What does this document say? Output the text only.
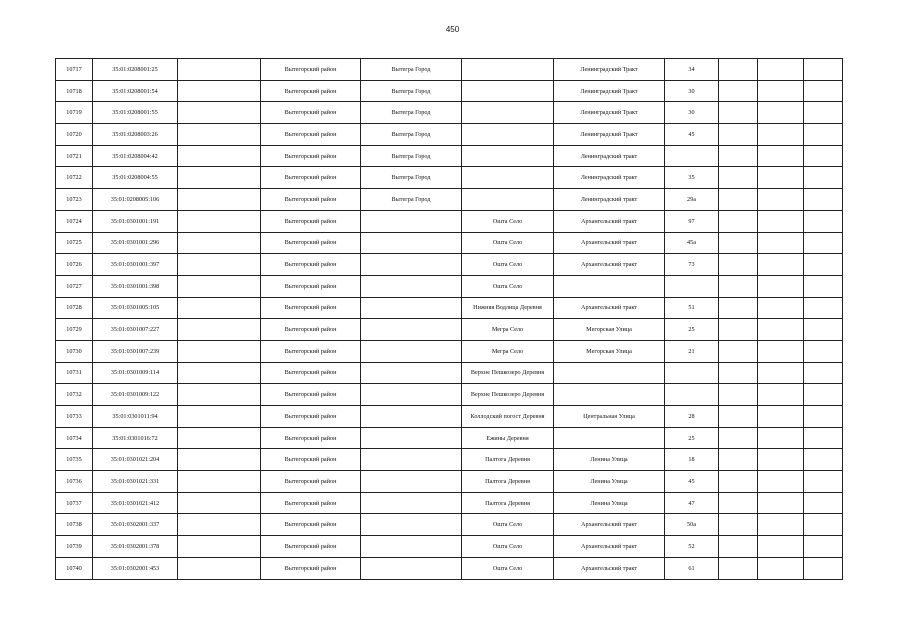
450
10717	35:01:0208001:25		Вытегорский район	Вытегра Город		Ленинградский Тракт	34			
10718	35:01:0208001:54		Вытегорский район	Вытегра Город		Ленинградский Тракт	30			
10719	35:01:0208001:55		Вытегорский район	Вытегра Город		Ленинградский Тракт	30			
10720	35:01:0208003:26		Вытегорский район	Вытегра Город		Ленинградский Тракт	45			
10721	35:01:0208004:42		Вытегорский район	Вытегра Город		Ленинградский тракт				
10722	35:01:0208004:55		Вытегорский район	Вытегра Город		Ленинградский тракт	35			
10723	35:01:0208005:106		Вытегорский район	Вытегра Город		Ленинградский тракт	29а			
10724	35:01:0301001:191		Вытегорский район		Ошта Село	Архангельский тракт	97			
10725	35:01:0301001:296		Вытегорский район		Ошта Село	Архангельский тракт	45а			
10726	35:01:0301001:397		Вытегорский район		Ошта Село	Архангельский тракт	73			
10727	35:01:0301001:398		Вытегорский район		Ошта Село					
10728	35:01:0301005:105		Вытегорский район		Нижняя Водлица Деревня	Архангельский тракт	51			
10729	35:01:0301007:227		Вытегорский район		Мегра Село	Мегорская Улица	25			
10730	35:01:0301007:239		Вытегорский район		Мегра Село	Мегорская Улица	21			
10731	35:01:0301009:114		Вытегорский район		Верхне Пешкозеро Деревня					
10732	35:01:0301009:122		Вытегорский район		Верхне Пешкозеро Деревня					
10733	35:01:0301011:94		Вытегорский район		Коллодский погост Деревня	Центральная Улица	28			
10734	35:01:0301016:72		Вытегорский район		Ежины Деревня		25			
10735	35:01:0301021:204		Вытегорский район		Палтога Деревня	Ленина Улица	18			
10736	35:01:0301021:331		Вытегорский район		Палтога Деревня	Ленина Улица	45			
10737	35:01:0301021:412		Вытегорский район		Палтога Деревня	Ленина Улица	47			
10738	35:01:0302001:337		Вытегорский район		Ошта Село	Архангельский тракт	50а			
10739	35:01:0302001:378		Вытегорский район		Ошта Село	Архангельский тракт	52			
10740	35:01:0302001:453		Вытегорский район		Ошта Село	Архангельский тракт	61			
